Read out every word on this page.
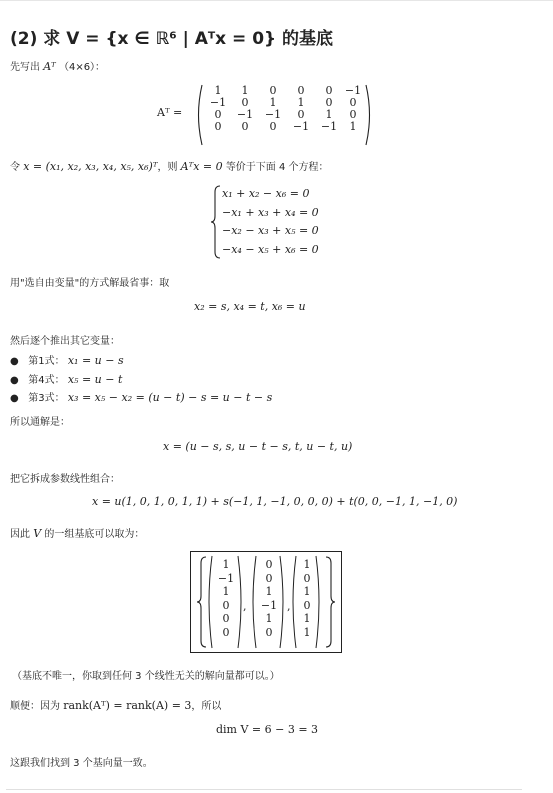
(2) 求 V = {x ∈ ℝ⁶ | Aᵀx = 0} 的基底
先写出 Aᵀ （4×6）：
Aᵀ =
1	1	0	0	0	−1
−1	0	1	1	0	0
0	−1	−1	0	1	0
0	0	0	−1	−1	1
令 x = (x₁, x₂, x₃, x₄, x₅, x₆)ᵀ，则 Aᵀx = 0 等价于下面 4 个方程：
x₁ + x₂ − x₆ = 0
−x₁ + x₃ + x₄ = 0
−x₂ − x₃ + x₅ = 0
−x₄ − x₅ + x₆ = 0
用"选自由变量"的方式解最省事：取
x₂ = s, x₄ = t, x₆ = u
然后逐个推出其它变量：
● 第1式： x₁ = u − s
● 第4式： x₅ = u − t
● 第3式： x₃ = x₅ − x₂ = (u − t) − s = u − t − s
所以通解是：
x = (u − s, s, u − t − s, t, u − t, u)
把它拆成参数线性组合：
x = u(1, 0, 1, 0, 1, 1) + s(−1, 1, −1, 0, 0, 0) + t(0, 0, −1, 1, −1, 0)
因此 V 的一组基底可以取为：
1
−1
1
0
0
0
,
0
0
1
−1
1
0
,
1
0
1
0
1
1
（基底不唯一，你取到任何 3 个线性无关的解向量都可以。）
顺便：因为 rank(Aᵀ) = rank(A) = 3，所以
dim V = 6 − 3 = 3
这跟我们找到 3 个基向量一致。
